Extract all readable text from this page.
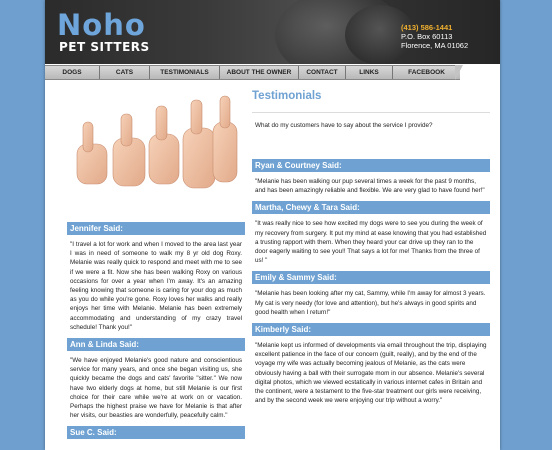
Noho
PET SITTERS
(413) 586-1441
P.O. Box 60113
Florence, MA 01062
DOGS	CATS	TESTIMONIALS	ABOUT THE OWNER	CONTACT	LINKS	FACEBOOK
Jennifer Said:
"I travel a lot for work and when I moved to the area last year I was in need of someone to walk my 8 yr old dog Roxy. Melanie was really quick to respond and meet with me to see if we were a fit. Now she has been walking Roxy on various occasions for over a year when I'm away. It's an amazing feeling knowing that someone is caring for your dog as much as you do while you're gone. Roxy loves her walks and really enjoys her time with Melanie. Melanie has been extremely accommodating and understanding of my crazy travel schedule! Thank you!"
Ann & Linda Said:
"We have enjoyed Melanie's good nature and conscientious service for many years, and once she began visiting us, she quickly became the dogs and cats' favorite "sitter." We now have two elderly dogs at home, but still Melanie is our first choice for their care while we're at work on or vacation. Perhaps the highest praise we have for Melanie is that after her visits, our beasties are wonderfully, peacefully calm."
Sue C. Said:
Testimonials
What do my customers have to say about the service I provide?
Ryan & Courtney Said:
"Melanie has been walking our pup several times a week for the past 9 months, and has been amazingly reliable and flexible. We are very glad to have found her!"
Martha, Chewy & Tara Said:
"It was really nice to see how excited my dogs were to see you during the week of my recovery from surgery. It put my mind at ease knowing that you had established a trusting rapport with them. When they heard your car drive up they ran to the door eagerly waiting to see you!! That says a lot for me! Thanks from the three of us! "
Emily & Sammy Said:
"Melanie has been looking after my cat, Sammy, while I'm away for almost 3 years. My cat is very needy (for love and attention), but he's always in good spirits and good health when I return!"
Kimberly Said:
"Melanie kept us informed of developments via email throughout the trip, displaying excellent patience in the face of our concern (guilt, really), and by the end of the voyage my wife was actually becoming jealous of Melanie, as the cats were obviously having a ball with their surrogate mom in our absence. Melanie's several digital photos, which we viewed ecstatically in various internet cafes in Britain and the continent, were a testament to the five-star treatment our girls were receiving, and by the second week we were enjoying our trip without a worry."
